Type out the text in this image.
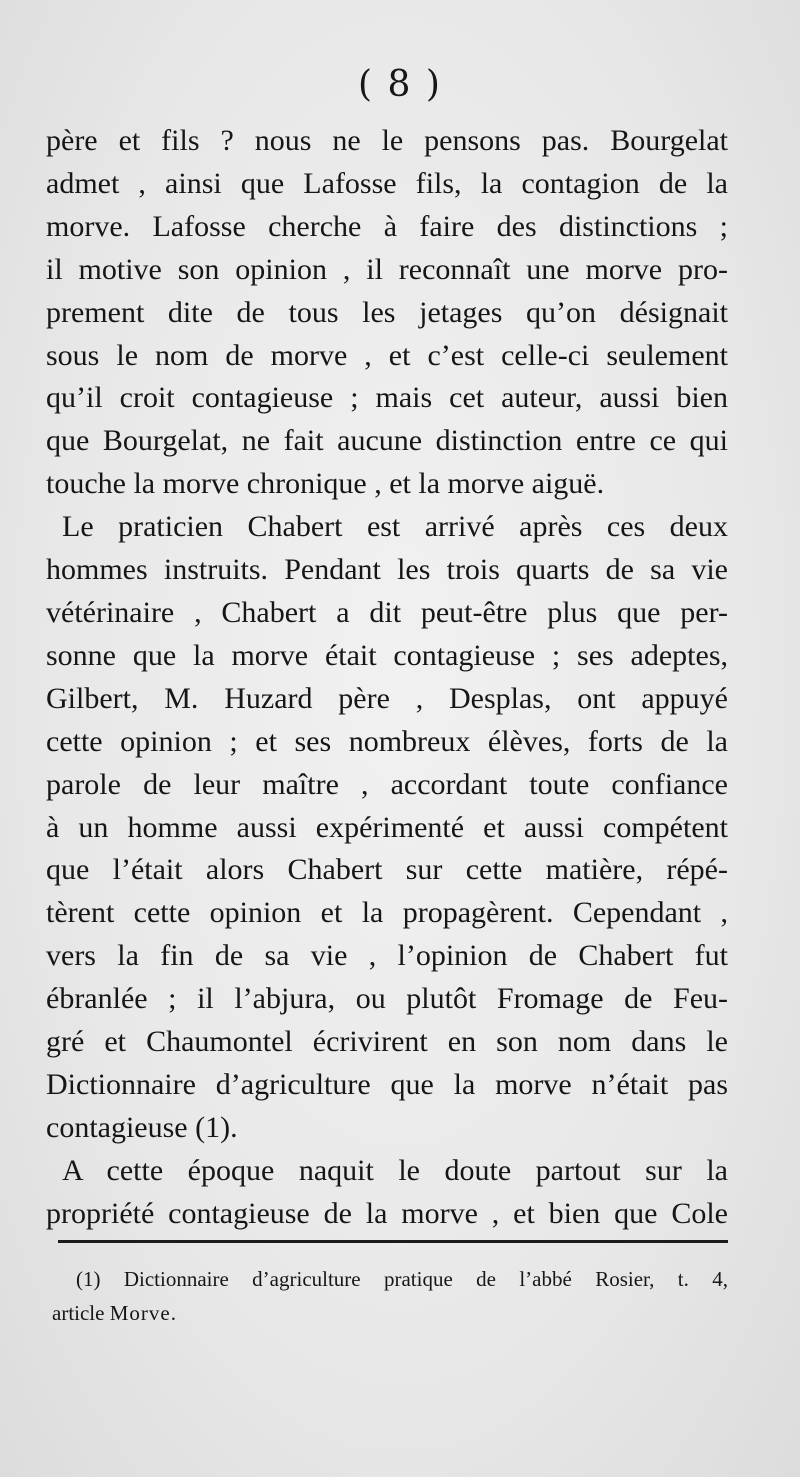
( 8 )
père et fils ? nous ne le pensons pas. Bourgelat
admet , ainsi que Lafosse fils, la contagion de la
morve. Lafosse cherche à faire des distinctions ;
il motive son opinion , il reconnaît une morve pro-
prement dite de tous les jetages qu’on désignait
sous le nom de morve , et c’est celle-ci seulement
qu’il croit contagieuse ; mais cet auteur, aussi bien
que Bourgelat, ne fait aucune distinction entre ce qui
touche la morve chronique , et la morve aiguë.
Le praticien Chabert est arrivé après ces deux
hommes instruits. Pendant les trois quarts de sa vie
vétérinaire , Chabert a dit peut-être plus que per-
sonne que la morve était contagieuse ; ses adeptes,
Gilbert, M. Huzard père , Desplas, ont appuyé
cette opinion ; et ses nombreux élèves, forts de la
parole de leur maître , accordant toute confiance
à un homme aussi expérimenté et aussi compétent
que l’était alors Chabert sur cette matière, répé-
tèrent cette opinion et la propagèrent. Cependant ,
vers la fin de sa vie , l’opinion de Chabert fut
ébranlée ; il l’abjura, ou plutôt Fromage de Feu-
gré et Chaumontel écrivirent en son nom dans le
Dictionnaire d’agriculture que la morve n’était pas
contagieuse (1).
A cette époque naquit le doute partout sur la
propriété contagieuse de la morve , et bien que Cole
(1) Dictionnaire d’agriculture pratique de l’abbé Rosier, t. 4,
article Morve.
